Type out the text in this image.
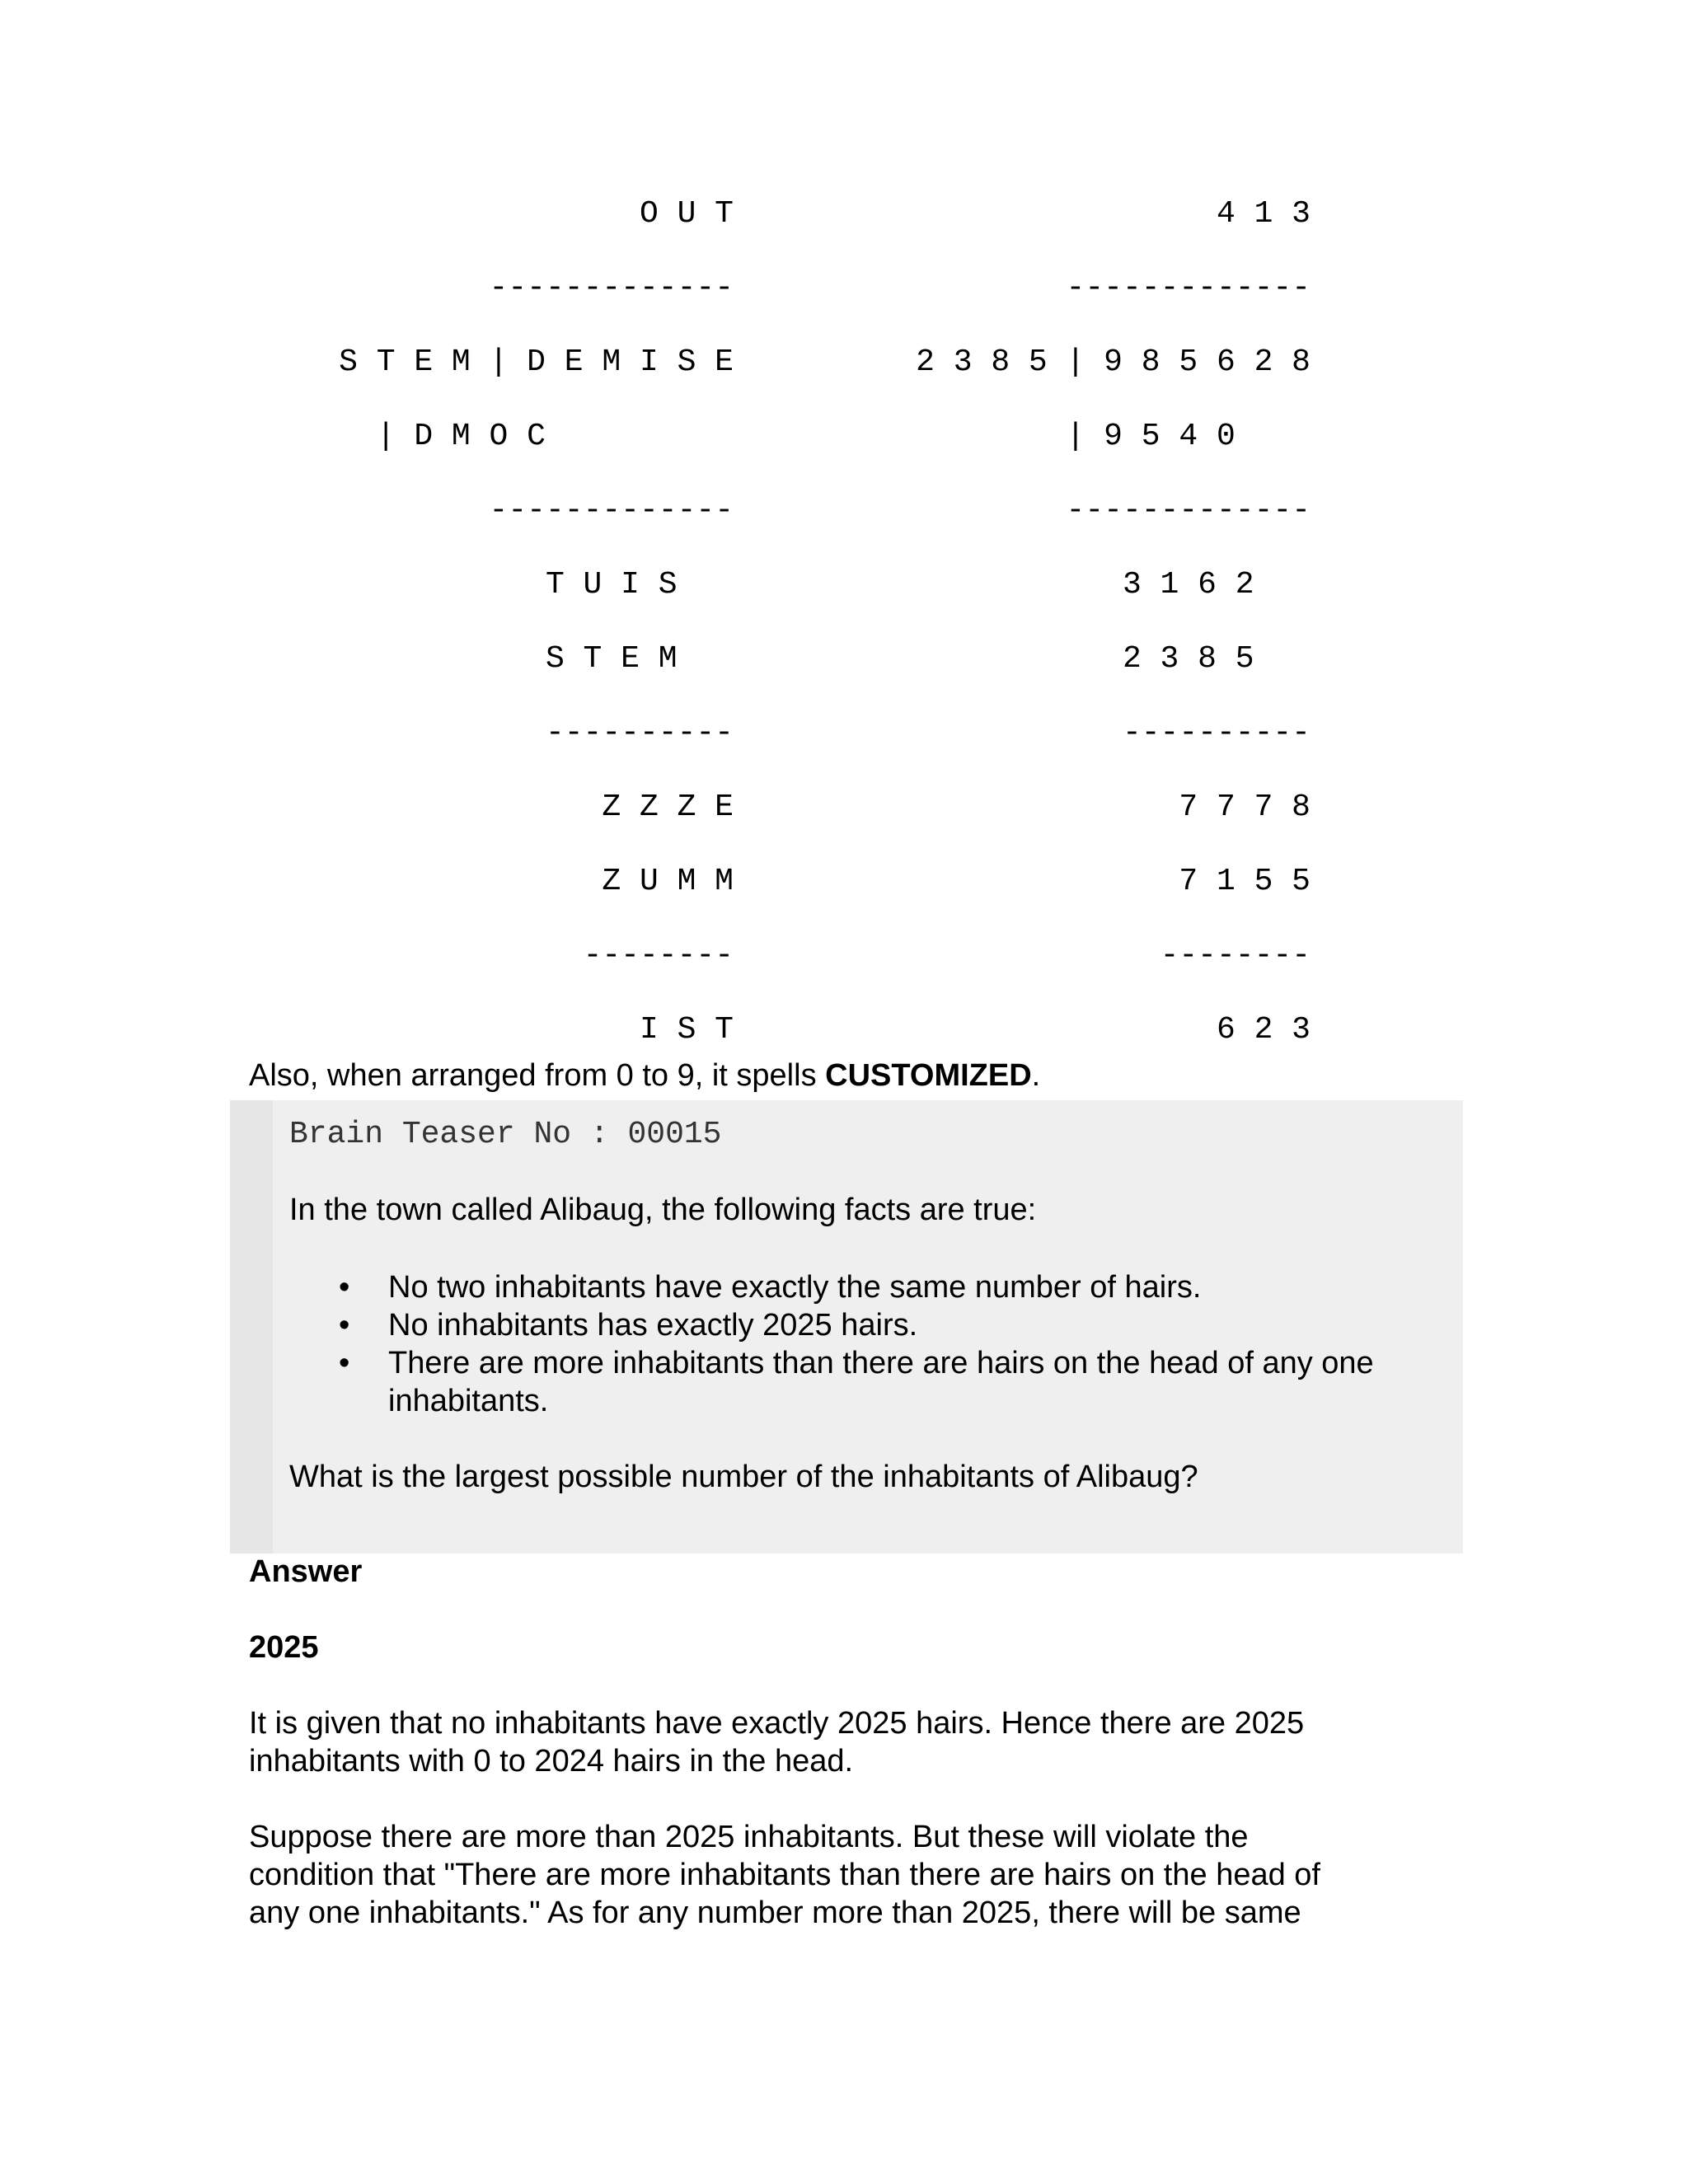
O U T
-------------
S T E M | D E M I S E
| D M O C
-------------
T U I S
S T E M
----------
Z Z Z E
Z U M M
--------
I S T
4 1 3
-------------
2 3 8 5 | 9 8 5 6 2 8
| 9 5 4 0
-------------
3 1 6 2
2 3 8 5
----------
7 7 7 8
7 1 5 5
--------
6 2 3
Also, when arranged from 0 to 9, it spells CUSTOMIZED.
Brain Teaser No : 00015
In the town called Alibaug, the following facts are true:
• No two inhabitants have exactly the same number of hairs.
• No inhabitants has exactly 2025 hairs.
• There are more inhabitants than there are hairs on the head of any one inhabitants.
What is the largest possible number of the inhabitants of Alibaug?
Answer
2025
It is given that no inhabitants have exactly 2025 hairs. Hence there are 2025
inhabitants with 0 to 2024 hairs in the head.
Suppose there are more than 2025 inhabitants. But these will violate the
condition that "There are more inhabitants than there are hairs on the head of
any one inhabitants." As for any number more than 2025, there will be same
